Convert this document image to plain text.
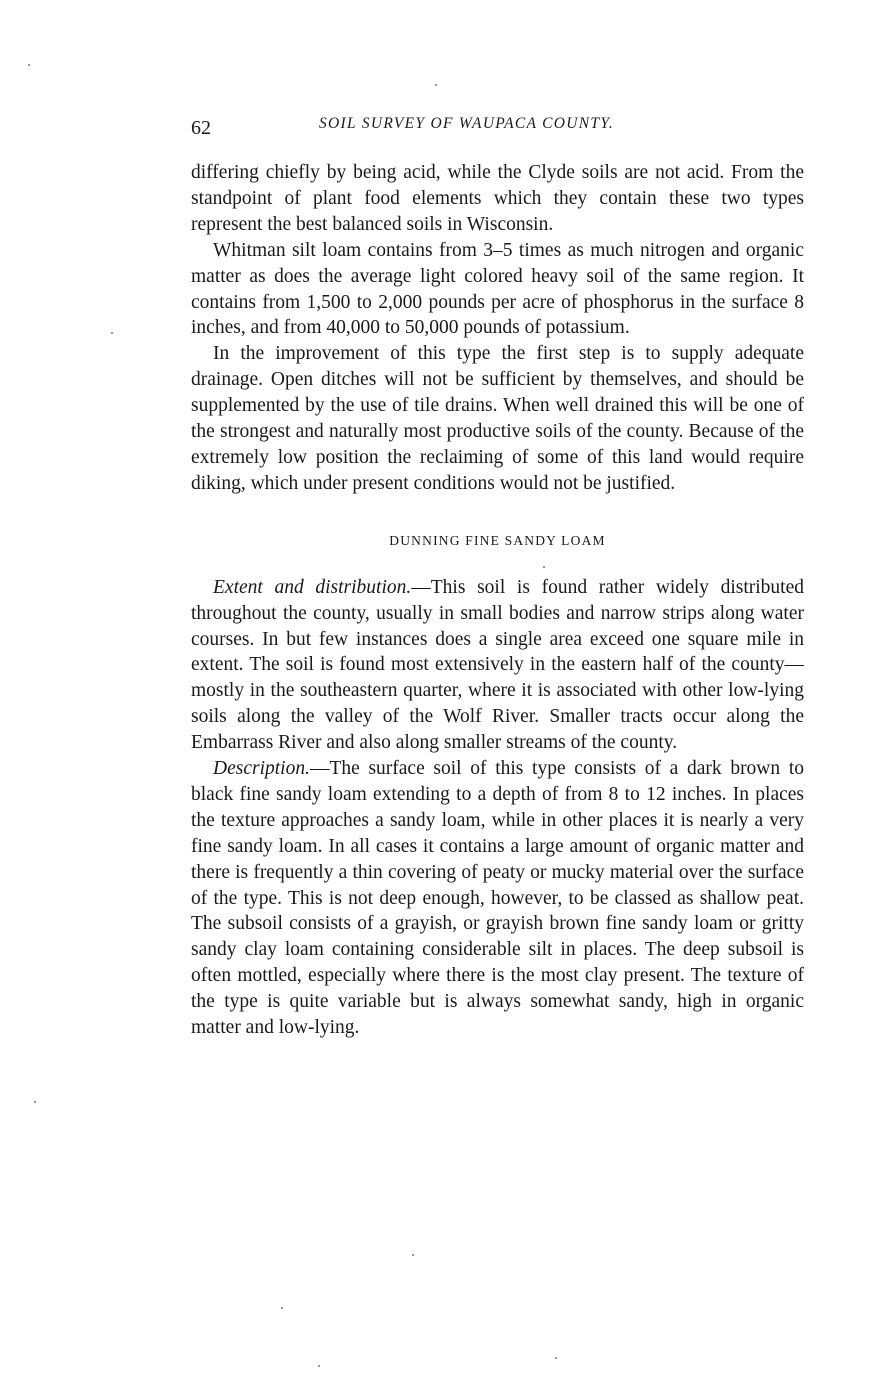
62	SOIL SURVEY OF WAUPACA COUNTY.

differing chiefly by being acid, while the Clyde soils are not acid. From the standpoint of plant food elements which they contain these two types represent the best balanced soils in Wisconsin.

Whitman silt loam contains from 3–5 times as much nitrogen and organic matter as does the average light colored heavy soil of the same region. It contains from 1,500 to 2,000 pounds per acre of phosphorus in the surface 8 inches, and from 40,000 to 50,000 pounds of potassium.

In the improvement of this type the first step is to supply adequate drainage. Open ditches will not be sufficient by themselves, and should be supplemented by the use of tile drains. When well drained this will be one of the strongest and naturally most productive soils of the county. Because of the extremely low position the reclaiming of some of this land would require diking, which under present conditions would not be justified.

DUNNING FINE SANDY LOAM

Extent and distribution.—This soil is found rather widely distributed throughout the county, usually in small bodies and narrow strips along water courses. In but few instances does a single area exceed one square mile in extent. The soil is found most extensively in the eastern half of the county—mostly in the southeastern quarter, where it is associated with other low-lying soils along the valley of the Wolf River. Smaller tracts occur along the Embarrass River and also along smaller streams of the county.

Description.—The surface soil of this type consists of a dark brown to black fine sandy loam extending to a depth of from 8 to 12 inches. In places the texture approaches a sandy loam, while in other places it is nearly a very fine sandy loam. In all cases it contains a large amount of organic matter and there is frequently a thin covering of peaty or mucky material over the surface of the type. This is not deep enough, however, to be classed as shallow peat. The subsoil consists of a grayish, or grayish brown fine sandy loam or gritty sandy clay loam containing considerable silt in places. The deep subsoil is often mottled, especially where there is the most clay present. The texture of the type is quite variable but is always somewhat sandy, high in organic matter and low-lying.
